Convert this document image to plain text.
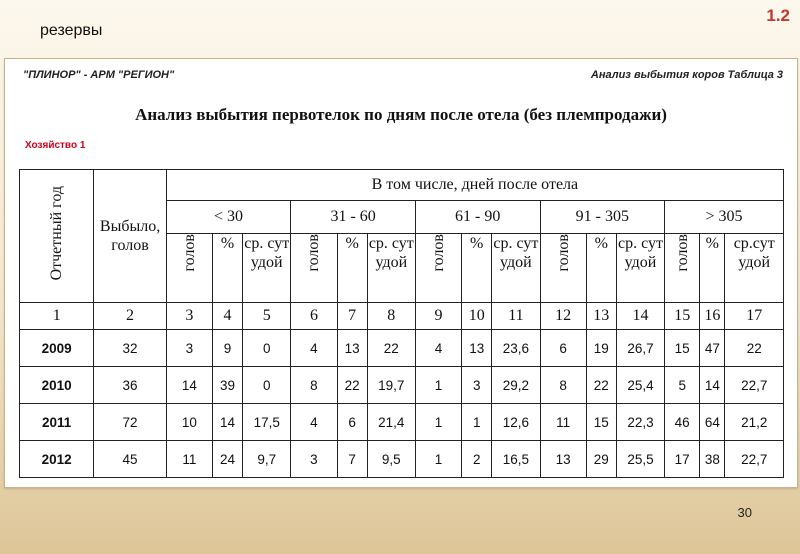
1.2
резервы
"ПЛИНОР" - АРМ "РЕГИОН"	Анализ выбытия коров Таблица 3
Анализ выбытия первотелок по дням после отела (без племпродажи)
Хозяйство 1
Отчетный год	Выбыло, голов	В том числе, дней после отела														
		< 30			31 - 60			61 - 90			91 - 305			> 305		
		голов	%	ср. сут удой	голов	%	ср. сут удой	голов	%	ср. сут удой	голов	%	ср. сут удой	голов	%	ср.сут удой
1	2	3	4	5	6	7	8	9	10	11	12	13	14	15	16	17
2009	32	3	9	0	4	13	22	4	13	23,6	6	19	26,7	15	47	22
2010	36	14	39	0	8	22	19,7	1	3	29,2	8	22	25,4	5	14	22,7
2011	72	10	14	17,5	4	6	21,4	1	1	12,6	11	15	22,3	46	64	21,2
2012	45	11	24	9,7	3	7	9,5	1	2	16,5	13	29	25,5	17	38	22,7
30
